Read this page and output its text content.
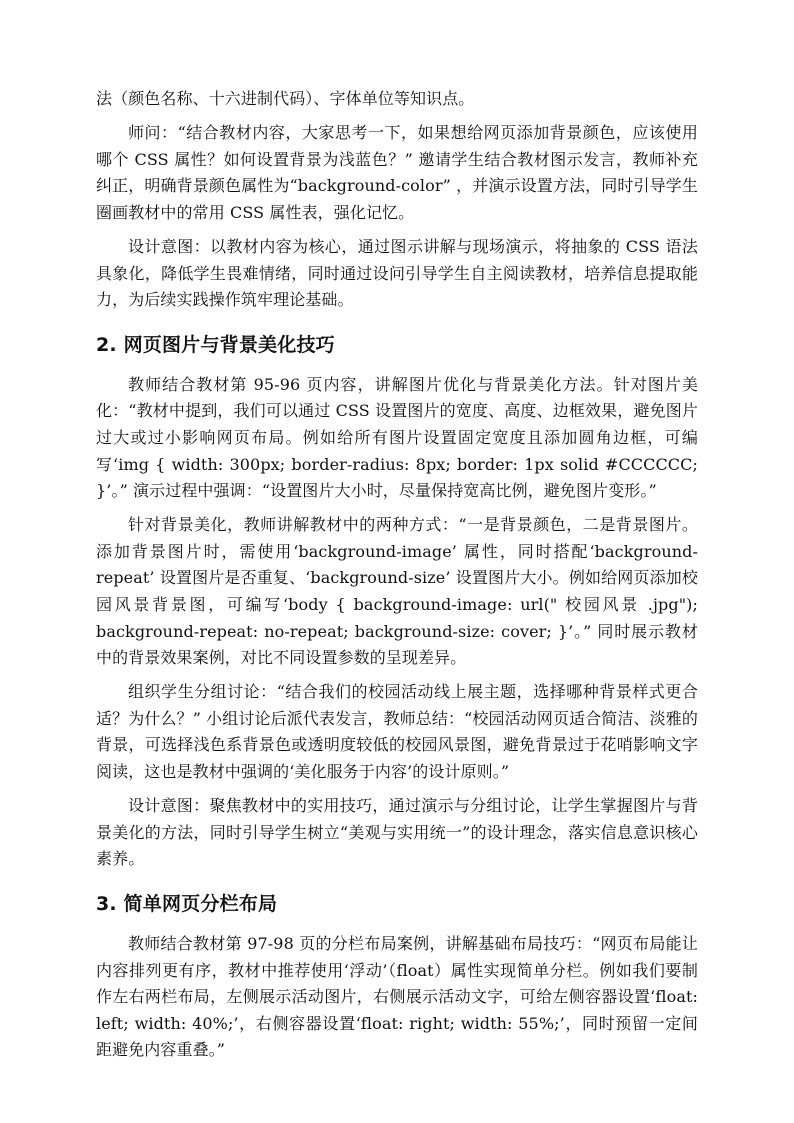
法（颜色名称、十六进制代码）、字体单位等知识点。

师问：“结合教材内容，大家思考一下，如果想给网页添加背景颜色，应该使用哪个 CSS 属性？如何设置背景为浅蓝色？” 邀请学生结合教材图示发言，教师补充纠正，明确背景颜色属性为“background-color” ，并演示设置方法，同时引导学生圈画教材中的常用 CSS 属性表，强化记忆。

设计意图：以教材内容为核心，通过图示讲解与现场演示，将抽象的 CSS 语法具象化，降低学生畏难情绪，同时通过设问引导学生自主阅读教材，培养信息提取能力，为后续实践操作筑牢理论基础。

2. 网页图片与背景美化技巧

教师结合教材第 95-96 页内容，讲解图片优化与背景美化方法。针对图片美化：“教材中提到，我们可以通过 CSS 设置图片的宽度、高度、边框效果，避免图片过大或过小影响网页布局。例如给所有图片设置固定宽度且添加圆角边框，可编写‘img { width: 300px; border-radius: 8px; border: 1px solid #CCCCCC; }’。” 演示过程中强调：“设置图片大小时，尽量保持宽高比例，避免图片变形。”

针对背景美化，教师讲解教材中的两种方式：“一是背景颜色，二是背景图片。添加背景图片时，需使用‘background-image’ 属性，同时搭配‘background-repeat’ 设置图片是否重复、‘background-size’ 设置图片大小。例如给网页添加校园风景背景图，可编写‘body { background-image: url(" 校园风景 .jpg"); background-repeat: no-repeat; background-size: cover; }’。” 同时展示教材中的背景效果案例，对比不同设置参数的呈现差异。

组织学生分组讨论：“结合我们的校园活动线上展主题，选择哪种背景样式更合适？为什么？” 小组讨论后派代表发言，教师总结：“校园活动网页适合简洁、淡雅的背景，可选择浅色系背景色或透明度较低的校园风景图，避免背景过于花哨影响文字阅读，这也是教材中强调的‘美化服务于内容’的设计原则。”

设计意图：聚焦教材中的实用技巧，通过演示与分组讨论，让学生掌握图片与背景美化的方法，同时引导学生树立“美观与实用统一”的设计理念，落实信息意识核心素养。

3. 简单网页分栏布局

教师结合教材第 97-98 页的分栏布局案例，讲解基础布局技巧：“网页布局能让内容排列更有序，教材中推荐使用‘浮动’（float）属性实现简单分栏。例如我们要制作左右两栏布局，左侧展示活动图片，右侧展示活动文字，可给左侧容器设置‘float: left; width: 40%;’，右侧容器设置‘float: right; width: 55%;’，同时预留一定间距避免内容重叠。”
